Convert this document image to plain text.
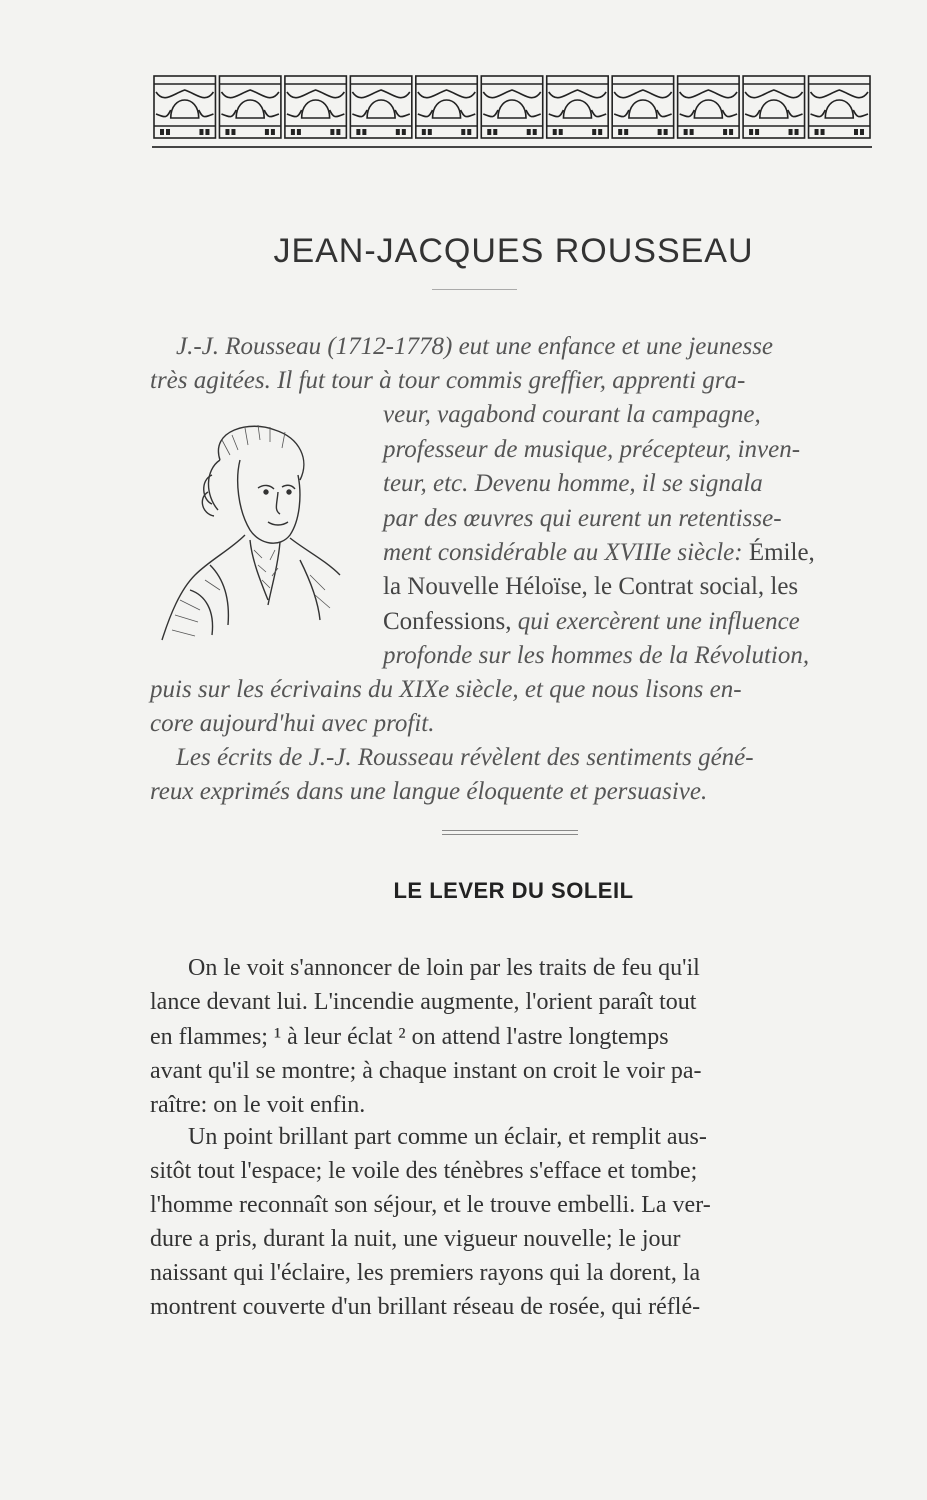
JEAN-JACQUES ROUSSEAU
J.-J. Rousseau (1712-1778) eut une enfance et une jeunesse
très agitées. Il fut tour à tour commis greffier, apprenti gra-
veur, vagabond courant la campagne,
professeur de musique, précepteur, inven-
teur, etc. Devenu homme, il se signala
par des œuvres qui eurent un retentisse-
ment considérable au XVIIIe siècle: Émile,
la Nouvelle Héloïse, le Contrat social, les
Confessions, qui exercèrent une influence
profonde sur les hommes de la Révolution,
puis sur les écrivains du XIXe siècle, et que nous lisons en-
core aujourd'hui avec profit.
Les écrits de J.-J. Rousseau révèlent des sentiments géné-
reux exprimés dans une langue éloquente et persuasive.
LE LEVER DU SOLEIL
On le voit s'annoncer de loin par les traits de feu qu'il
lance devant lui. L'incendie augmente, l'orient paraît tout
en flammes; ¹ à leur éclat ² on attend l'astre longtemps
avant qu'il se montre; à chaque instant on croit le voir pa-
raître: on le voit enfin.
Un point brillant part comme un éclair, et remplit aus-
sitôt tout l'espace; le voile des ténèbres s'efface et tombe;
l'homme reconnaît son séjour, et le trouve embelli. La ver-
dure a pris, durant la nuit, une vigueur nouvelle; le jour
naissant qui l'éclaire, les premiers rayons qui la dorent, la
montrent couverte d'un brillant réseau de rosée, qui réflé-
